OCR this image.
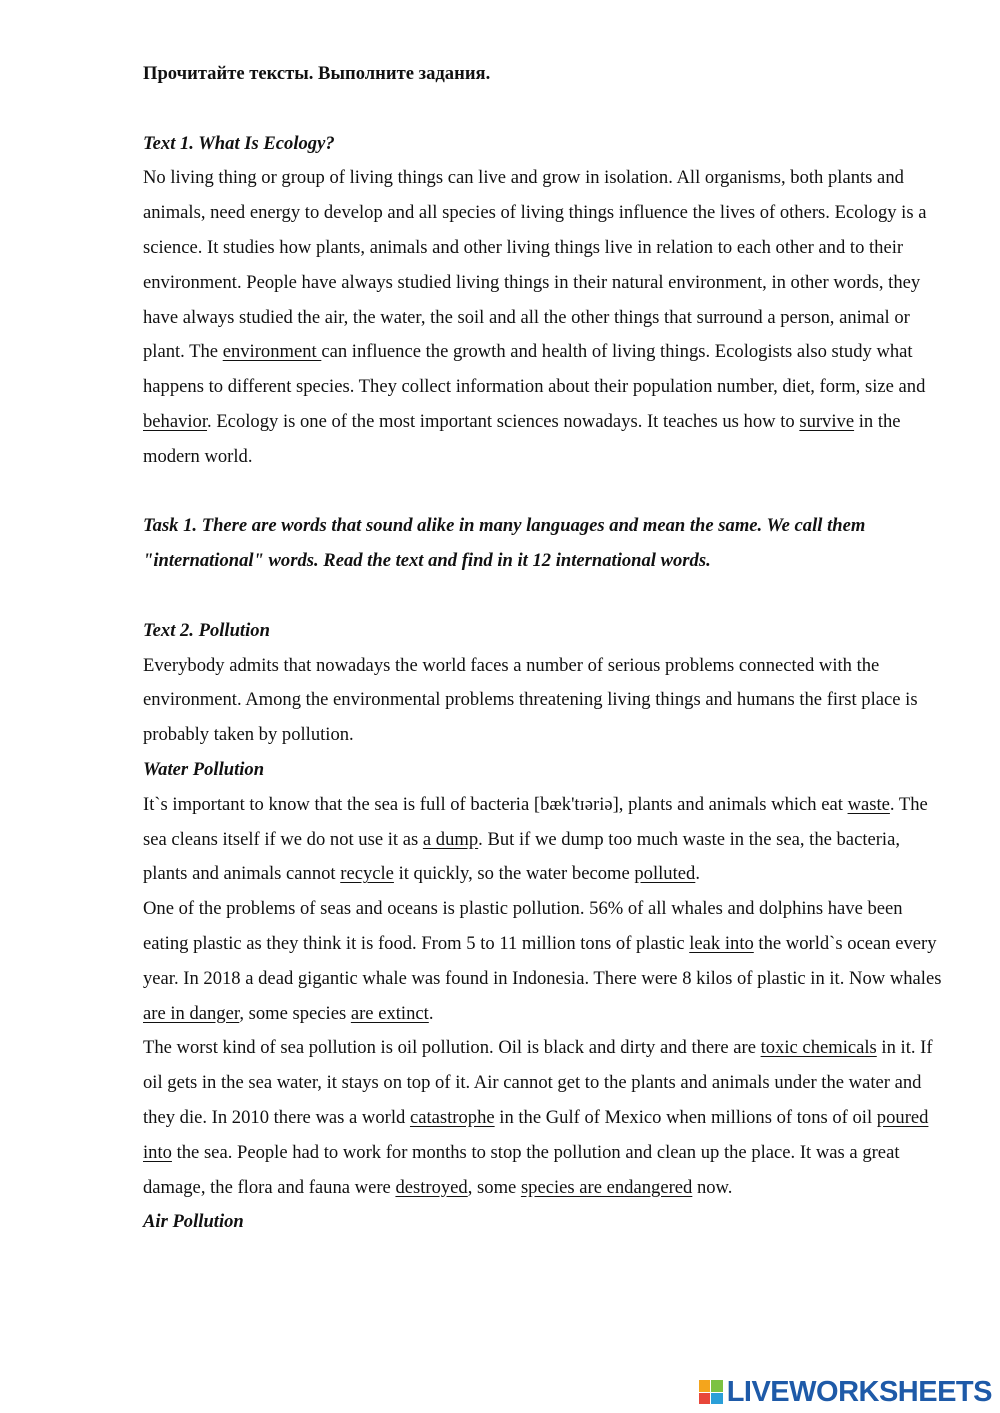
Прочитайте тексты. Выполните задания.

Text 1. What Is Ecology?

No living thing or group of living things can live and grow in isolation. All organisms, both plants and animals, need energy to develop and all species of living things influence the lives of others. Ecology is a science. It studies how plants, animals and other living things live in relation to each other and to their environment. People have always studied living things in their natural environment, in other words, they have always studied the air, the water, the soil and all the other things that surround a person, animal or plant. The environment can influence the growth and health of living things. Ecologists also study what happens to different species. They collect information about their population number, diet, form, size and behavior. Ecology is one of the most important sciences nowadays. It teaches us how to survive in the modern world.

Task 1. There are words that sound alike in many languages and mean the same. We call them "international" words. Read the text and find in it 12 international words.

Text 2. Pollution

Everybody admits that nowadays the world faces a number of serious problems connected with the environment. Among the environmental problems threatening living things and humans the first place is probably taken by pollution.

Water Pollution

It`s important to know that the sea is full of bacteria [bæk'tɪəriə], plants and animals which eat waste. The sea cleans itself if we do not use it as a dump. But if we dump too much waste in the sea, the bacteria, plants and animals cannot recycle it quickly, so the water become polluted.

One of the problems of seas and oceans is plastic pollution. 56% of all whales and dolphins have been eating plastic as they think it is food. From 5 to 11 million tons of plastic leak into the world`s ocean every year. In 2018 a dead gigantic whale was found in Indonesia. There were 8 kilos of plastic in it. Now whales are in danger, some species are extinct.

The worst kind of sea pollution is oil pollution. Oil is black and dirty and there are toxic chemicals in it. If oil gets in the sea water, it stays on top of it. Air cannot get to the plants and animals under the water and they die. In 2010 there was a world catastrophe in the Gulf of Mexico when millions of tons of oil poured into the sea. People had to work for months to stop the pollution and clean up the place. It was a great damage, the flora and fauna were destroyed, some species are endangered now.

Air Pollution

LIVEWORKSHEETS
